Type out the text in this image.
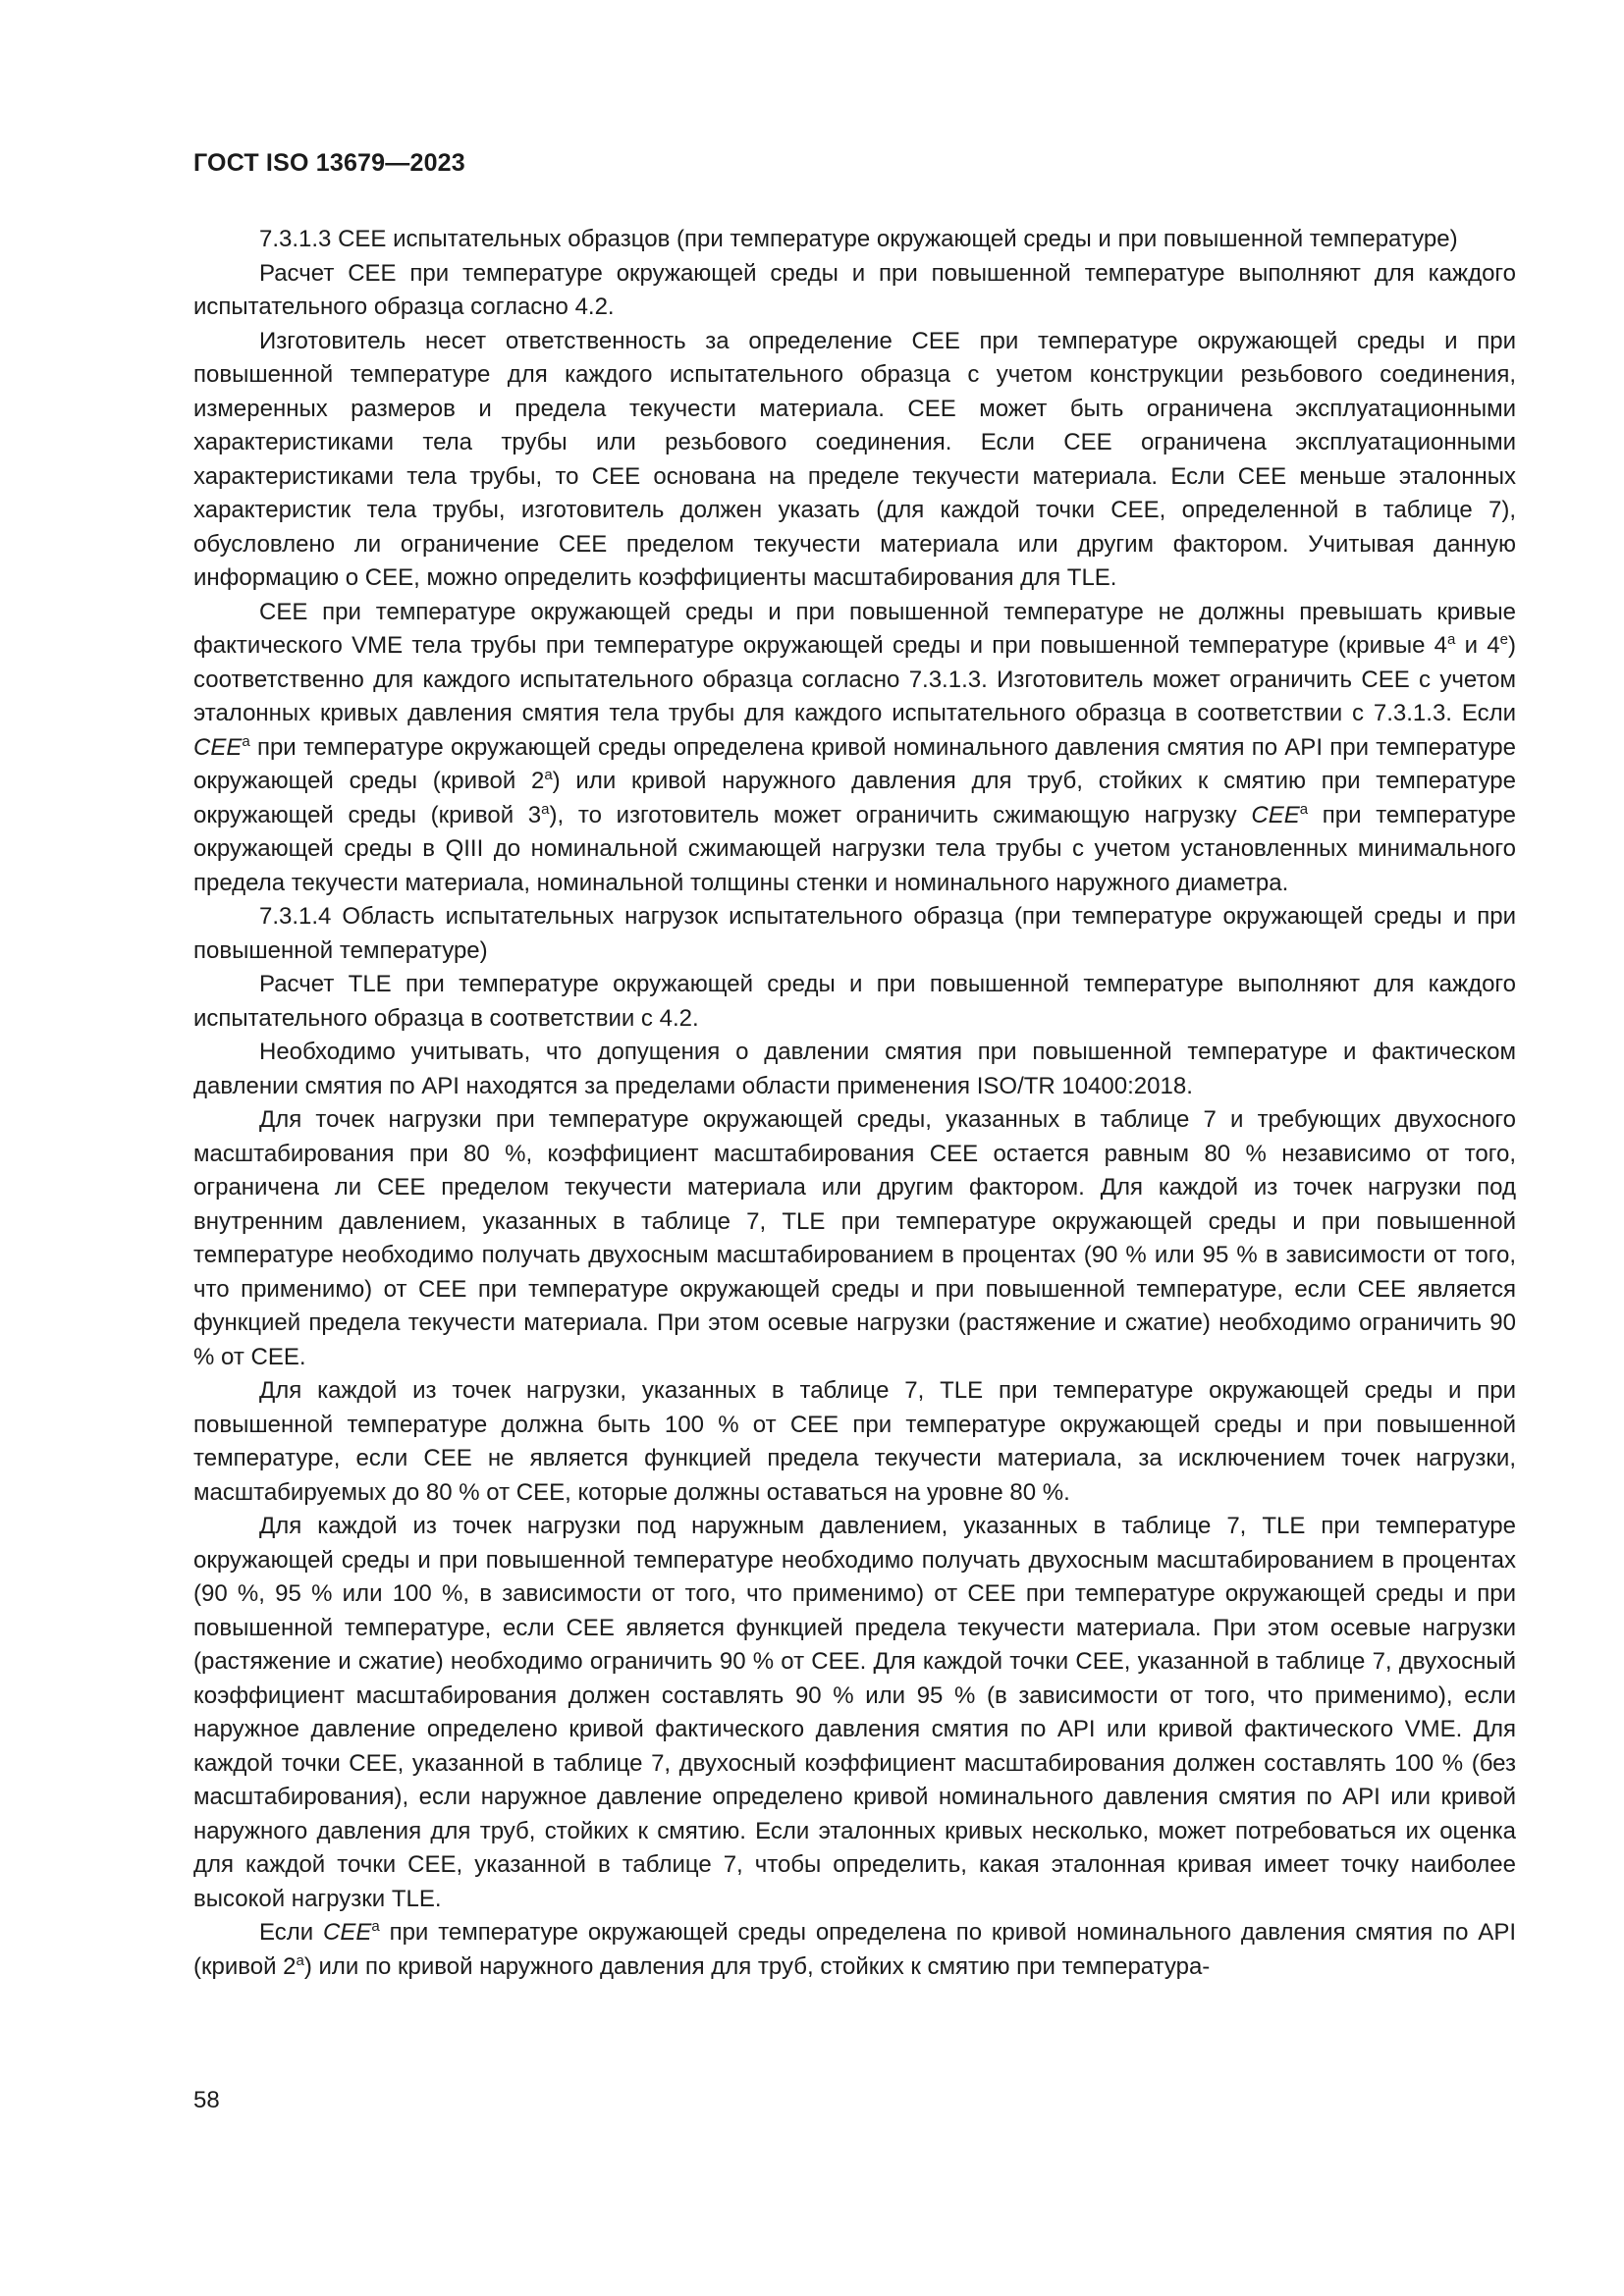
ГОСТ ISO 13679—2023

7.3.1.3 CEE испытательных образцов (при температуре окружающей среды и при повышенной температуре)

Расчет CEE при температуре окружающей среды и при повышенной температуре выполняют для каждого испытательного образца согласно 4.2.

Изготовитель несет ответственность за определение CEE при температуре окружающей среды и при повышенной температуре для каждого испытательного образца с учетом конструкции резьбового соединения, измеренных размеров и предела текучести материала. CEE может быть ограничена эксплуатационными характеристиками тела трубы или резьбового соединения. Если CEE ограничена эксплуатационными характеристиками тела трубы, то CEE основана на пределе текучести материала. Если CEE меньше эталонных характеристик тела трубы, изготовитель должен указать (для каждой точки CEE, определенной в таблице 7), обусловлено ли ограничение CEE пределом текучести материала или другим фактором. Учитывая данную информацию о CEE, можно определить коэффициенты масштабирования для TLE.

CEE при температуре окружающей среды и при повышенной температуре не должны превышать кривые фактического VME тела трубы при температуре окружающей среды и при повышенной температуре (кривые $4^а$ и $4^е$) соответственно для каждого испытательного образца согласно 7.3.1.3. Изготовитель может ограничить CEE с учетом эталонных кривых давления смятия тела трубы для каждого испытательного образца в соответствии с 7.3.1.3. Если $CEE^а$ при температуре окружающей среды определена кривой номинального давления смятия по API при температуре окружающей среды (кривой $2^а$) или кривой наружного давления для труб, стойких к смятию при температуре окружающей среды (кривой $3^а$), то изготовитель может ограничить сжимающую нагрузку $CEE^а$ при температуре окружающей среды в QIII до номинальной сжимающей нагрузки тела трубы с учетом установленных минимального предела текучести материала, номинальной толщины стенки и номинального наружного диаметра.

7.3.1.4 Область испытательных нагрузок испытательного образца (при температуре окружающей среды и при повышенной температуре)

Расчет TLE при температуре окружающей среды и при повышенной температуре выполняют для каждого испытательного образца в соответствии с 4.2.

Необходимо учитывать, что допущения о давлении смятия при повышенной температуре и фактическом давлении смятия по API находятся за пределами области применения ISO/TR 10400:2018.

Для точек нагрузки при температуре окружающей среды, указанных в таблице 7 и требующих двухосного масштабирования при 80 %, коэффициент масштабирования CEE остается равным 80 % независимо от того, ограничена ли CEE пределом текучести материала или другим фактором. Для каждой из точек нагрузки под внутренним давлением, указанных в таблице 7, TLE при температуре окружающей среды и при повышенной температуре необходимо получать двухосным масштабированием в процентах (90 % или 95 % в зависимости от того, что применимо) от CEE при температуре окружающей среды и при повышенной температуре, если CEE является функцией предела текучести материала. При этом осевые нагрузки (растяжение и сжатие) необходимо ограничить 90 % от CEE.

Для каждой из точек нагрузки, указанных в таблице 7, TLE при температуре окружающей среды и при повышенной температуре должна быть 100 % от CEE при температуре окружающей среды и при повышенной температуре, если CEE не является функцией предела текучести материала, за исключением точек нагрузки, масштабируемых до 80 % от CEE, которые должны оставаться на уровне 80 %.

Для каждой из точек нагрузки под наружным давлением, указанных в таблице 7, TLE при температуре окружающей среды и при повышенной температуре необходимо получать двухосным масштабированием в процентах (90 %, 95 % или 100 %, в зависимости от того, что применимо) от CEE при температуре окружающей среды и при повышенной температуре, если CEE является функцией предела текучести материала. При этом осевые нагрузки (растяжение и сжатие) необходимо ограничить 90 % от CEE. Для каждой точки CEE, указанной в таблице 7, двухосный коэффициент масштабирования должен составлять 90 % или 95 % (в зависимости от того, что применимо), если наружное давление определено кривой фактического давления смятия по API или кривой фактического VME. Для каждой точки CEE, указанной в таблице 7, двухосный коэффициент масштабирования должен составлять 100 % (без масштабирования), если наружное давление определено кривой номинального давления смятия по API или кривой наружного давления для труб, стойких к смятию. Если эталонных кривых несколько, может потребоваться их оценка для каждой точки CEE, указанной в таблице 7, чтобы определить, какая эталонная кривая имеет точку наиболее высокой нагрузки TLE.

Если $CEE^а$ при температуре окружающей среды определена по кривой номинального давления смятия по API (кривой $2^а$) или по кривой наружного давления для труб, стойких к смятию при температура-

58
